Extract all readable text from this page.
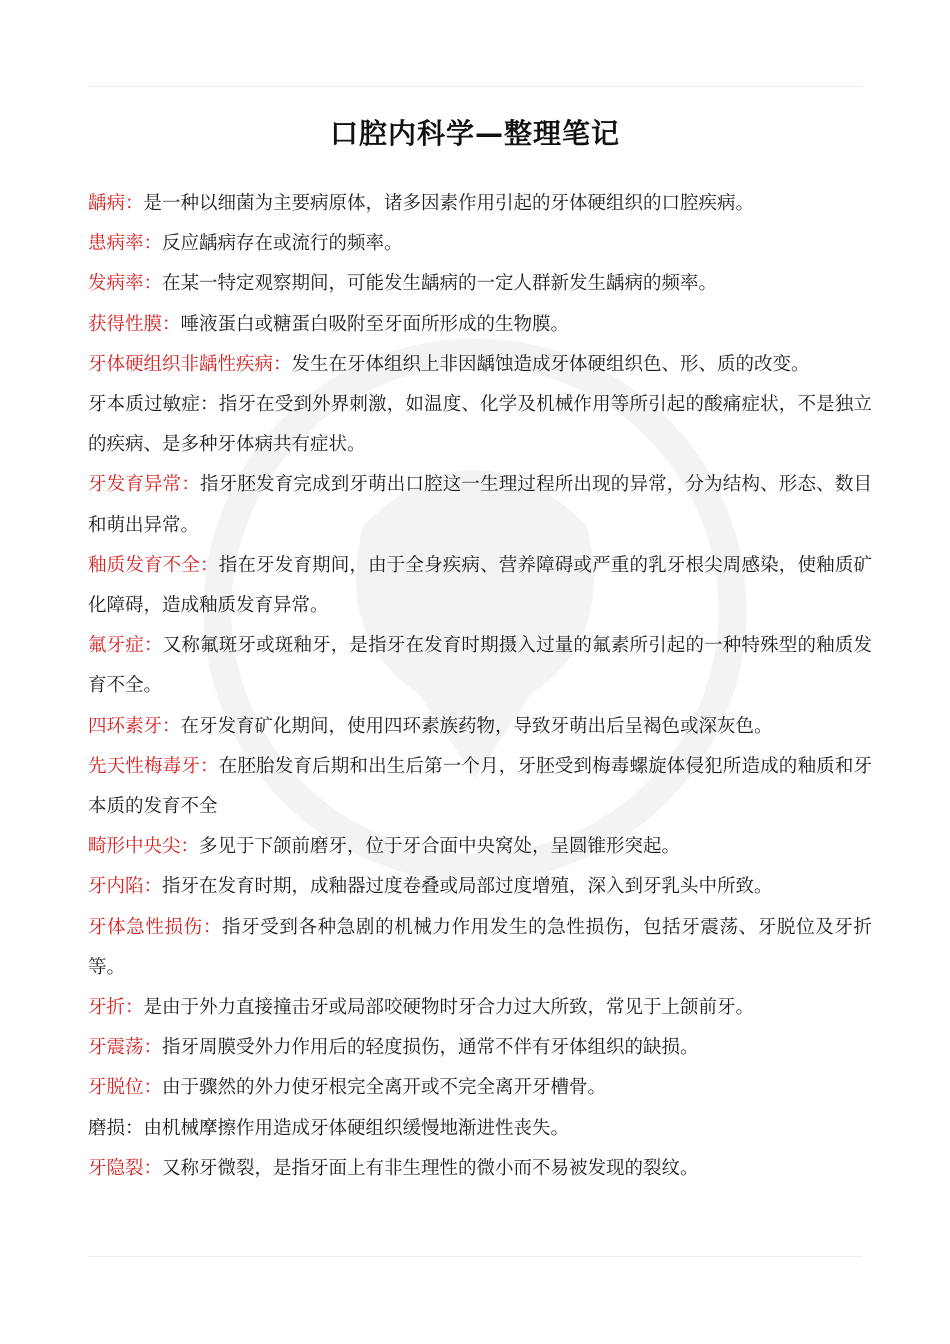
口腔内科学—整理笔记

龋病：是一种以细菌为主要病原体，诸多因素作用引起的牙体硬组织的口腔疾病。

患病率：反应龋病存在或流行的频率。

发病率：在某一特定观察期间，可能发生龋病的一定人群新发生龋病的频率。

获得性膜：唾液蛋白或糖蛋白吸附至牙面所形成的生物膜。

牙体硬组织非龋性疾病：发生在牙体组织上非因龋蚀造成牙体硬组织色、形、质的改变。

牙本质过敏症：指牙在受到外界刺激，如温度、化学及机械作用等所引起的酸痛症状，不是独立的疾病、是多种牙体病共有症状。

牙发育异常：指牙胚发育完成到牙萌出口腔这一生理过程所出现的异常，分为结构、形态、数目和萌出异常。

釉质发育不全：指在牙发育期间，由于全身疾病、营养障碍或严重的乳牙根尖周感染，使釉质矿化障碍，造成釉质发育异常。

氟牙症：又称氟斑牙或斑釉牙，是指牙在发育时期摄入过量的氟素所引起的一种特殊型的釉质发育不全。

四环素牙：在牙发育矿化期间，使用四环素族药物，导致牙萌出后呈褐色或深灰色。

先天性梅毒牙：在胚胎发育后期和出生后第一个月，牙胚受到梅毒螺旋体侵犯所造成的釉质和牙本质的发育不全

畸形中央尖：多见于下颌前磨牙，位于牙合面中央窝处，呈圆锥形突起。

牙内陷：指牙在发育时期，成釉器过度卷叠或局部过度增殖，深入到牙乳头中所致。

牙体急性损伤：指牙受到各种急剧的机械力作用发生的急性损伤，包括牙震荡、牙脱位及牙折等。

牙折：是由于外力直接撞击牙或局部咬硬物时牙合力过大所致，常见于上颌前牙。

牙震荡：指牙周膜受外力作用后的轻度损伤，通常不伴有牙体组织的缺损。

牙脱位：由于骤然的外力使牙根完全离开或不完全离开牙槽骨。

磨损：由机械摩擦作用造成牙体硬组织缓慢地渐进性丧失。

牙隐裂：又称牙微裂，是指牙面上有非生理性的微小而不易被发现的裂纹。
